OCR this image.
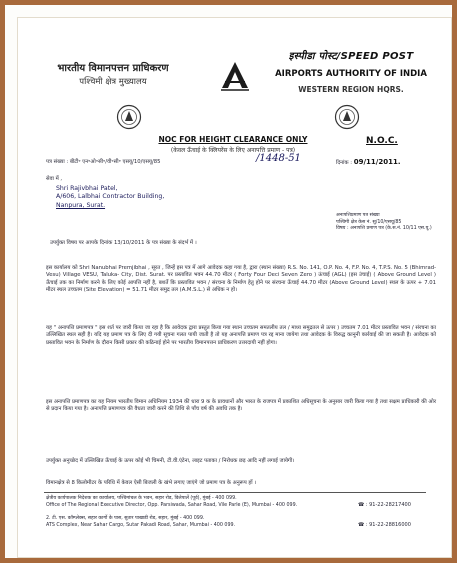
भारतीय विमानपत्तन प्राधिकरण
पश्चिमी क्षेत्र मुख्यालय
इस्पीडा पोस्ट/SPEED POST
AIRPORTS AUTHORITY OF INDIA
WESTERN REGION HQRS.
NOC FOR HEIGHT CLEARANCE ONLY
(केवल ऊँचाई के क्लियरेंस के लिए अनापत्ति प्रमाण - पत्र)
N.O.C.
पत्र संख्या : बीटी॰ एन॰ओ॰सी॰/वी॰सी॰ एसयू/10/एसयू/85	/1448-51	दिनांक : 09/11/2011.
सेवा में ,
Shri Rajivbhai Patel,
A/606, Lalbhai Contractor Building,
Nanpura, Surat.
अनापत्तिप्रमाण पत्र संख्या
पश्चिमी क्षेत्र केस नं. सु/10/एसयू/85
विषय : अनापत्ति प्रमाण पत्र (के.स.नं. 10/11 एस.यू.)
उपर्युक्त विषय पर आपके दिनांक 13/10/2011 के पत्र संख्या के संदर्भ में ।
इस कार्यालय को Shri Nanubhai Premjibhai , सूरत , जिन्हें इस पत्र में आगे आवेदक कहा गया है, द्वारा (स्थान संख्या) R.S. No. 141, O.P. No. 4, F.P. No. 4, T.P.S. No. 5 (Bhimrad-Vesu) Village VESU, Taluka- City, Dist. Surat. पर प्रस्तावित भवन 44.70 मीटर ( Forty Four Deci Seven Zero ) ऊंचाई (AGL) (इस उंचाई) ( Above Ground Level ) ऊँचाई तक का निर्माण करने के लिए कोई आपत्ति नहीं है, बशर्ते कि प्रस्तावित भवन / संरचना के निर्माण हेतु होने पर संरचना ऊँचाई 44.70 मीटर (Above Ground Level) स्थल के ऊपर + 7.01 मीटर स्थल उच्चतम (Site Elevation) = 51.71 मीटर समुद्र तल (A.M.S.L.) से अधिक न हो।
यह " अनापत्ति प्रमाणपत्र " इस शर्त पर जारी किया जा रहा है कि आवेदक द्वारा प्रस्तुत किया गया स्थान उच्चतम समतलीय तल / माध्य समुद्रतल से ऊपर ) उच्चतम 7.01 मीटर प्रस्तावित भवन / संरचना का उल्लिखित स्थल सही है। यदि यह प्रमाण पत्र के लिए दी गयी सूचना गलत पायी जाती है तो यह अनापत्ति प्रमाण पत्र रद्द माना जायेगा तथा आवेदक के विरुद्ध कानूनी कार्रवाई की जा सकती है। आवेदक को प्रस्तावित भवन के निर्माण के दौरान किसी प्रकार की कठिनाई होने पर भारतीय विमानपत्तन प्राधिकरण उत्तरदायी नहीं होगा।
इस अनापत्ति प्रमाणपत्र का यह नियम भारतीय विमान अधिनियम 1934 की धारा 9 क के प्रावधानों और भारत के राजपत्र में प्रकाशित अधिसूचना के अनुसार जारी किया गया है तथा सक्षम प्राधिकारी की ओर से प्रदान किया गया है। अनापत्ति प्रमाणपत्र की वैधता जारी करने की तिथि से पाँच वर्ष की अवधि तक है।
उपर्युक्त अनुच्छेद में उल्लिखित ऊँचाई के ऊपर कोई भी चिमनी, टी.वी.एंटेना, लाइट पताका / निरोधक छड़ आदि नहीं लगाई जायेगी।
विमानक्षेत्र से 8 किलोमीटर के परिधि में केवल ऐसी बिजली के खंभे लगाए जाएंगे जो प्रमाण पत्र के अनुरूप हों ।
क्षेत्रीय कार्यपालक निदेशक का कार्यालय, पश्चिमांचल के भवन, सहार रोड, विलेपार्ले (पूर्व), मुंबई - 400 099.
Office of The Regional Executive Director, Opp. Parsiwada, Sahar Road, Vile Parle (E), Mumbai - 400 099.	☎ : 91-22-28217400
2. टी. एस. कॉम्प्लेक्स, सहार कार्गो के पास, सुतार पाखाडी रोड, सहार, मुंबई - 400 099.
ATS Complex, Near Sahar Cargo, Sutar Pakadi Road, Sahar, Mumbai - 400 099.	☎ : 91-22-28816000
